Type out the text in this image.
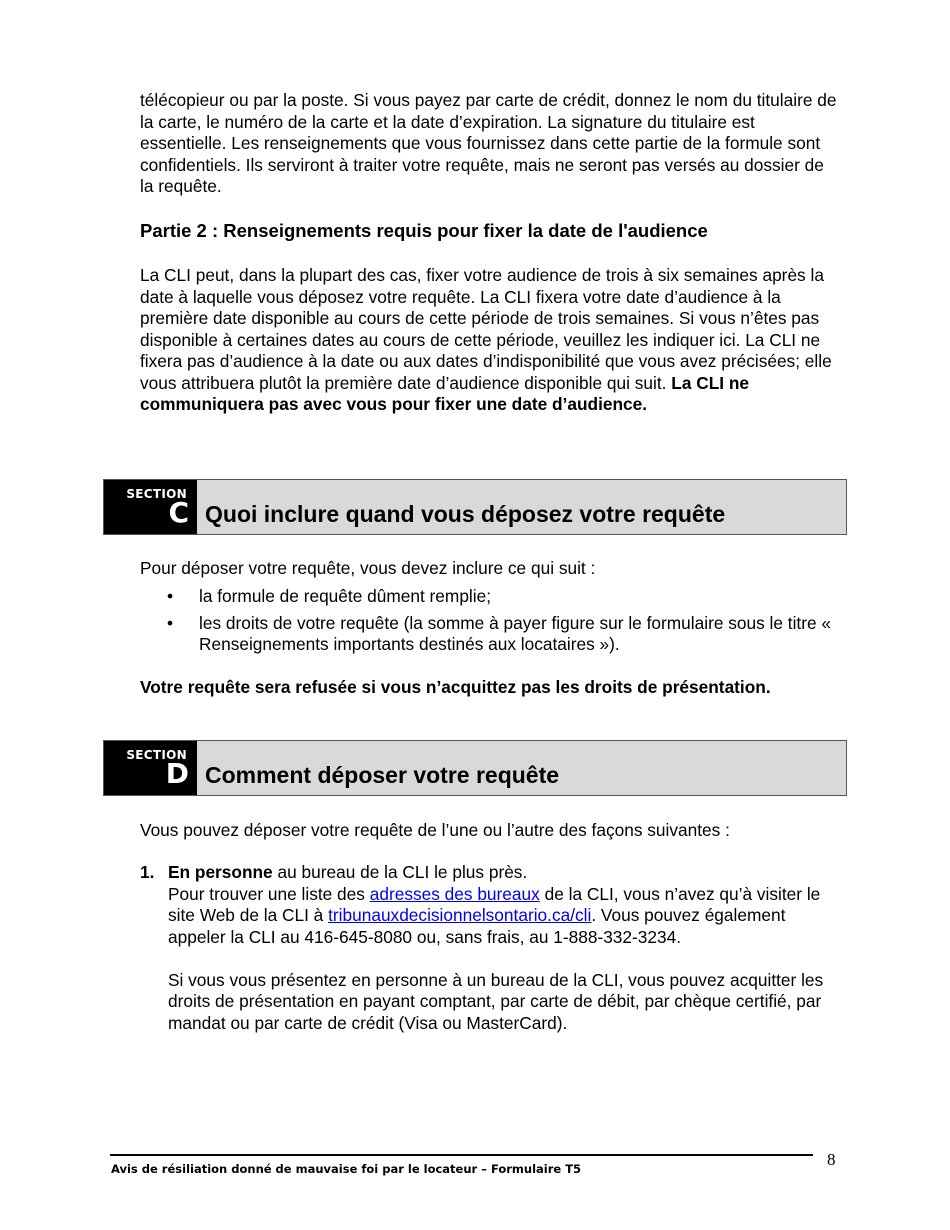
télécopieur ou par la poste. Si vous payez par carte de crédit, donnez le nom du titulaire de la carte, le numéro de la carte et la date d’expiration. La signature du titulaire est essentielle. Les renseignements que vous fournissez dans cette partie de la formule sont confidentiels. Ils serviront à traiter votre requête, mais ne seront pas versés au dossier de la requête.

Partie 2 : Renseignements requis pour fixer la date de l'audience

La CLI peut, dans la plupart des cas, fixer votre audience de trois à six semaines après la date à laquelle vous déposez votre requête. La CLI fixera votre date d’audience à la première date disponible au cours de cette période de trois semaines. Si vous n’êtes pas disponible à certaines dates au cours de cette période, veuillez les indiquer ici. La CLI ne fixera pas d’audience à la date ou aux dates d’indisponibilité que vous avez précisées; elle vous attribuera plutôt la première date d’audience disponible qui suit. La CLI ne communiquera pas avec vous pour fixer une date d’audience.

SECTION
C Quoi inclure quand vous déposez votre requête

Pour déposer votre requête, vous devez inclure ce qui suit :

• la formule de requête dûment remplie;
• les droits de votre requête (la somme à payer figure sur le formulaire sous le titre « Renseignements importants destinés aux locataires »).

Votre requête sera refusée si vous n’acquittez pas les droits de présentation.

SECTION
D Comment déposer votre requête

Vous pouvez déposer votre requête de l’une ou l’autre des façons suivantes :

1. En personne au bureau de la CLI le plus près.
Pour trouver une liste des adresses des bureaux de la CLI, vous n’avez qu’à visiter le site Web de la CLI à tribunauxdecisionnelsontario.ca/cli. Vous pouvez également appeler la CLI au 416-645-8080 ou, sans frais, au 1-888-332-3234.
Si vous vous présentez en personne à un bureau de la CLI, vous pouvez acquitter les droits de présentation en payant comptant, par carte de débit, par chèque certifié, par mandat ou par carte de crédit (Visa ou MasterCard).
Avis de résiliation donné de mauvaise foi par le locateur – Formulaire T5	8
